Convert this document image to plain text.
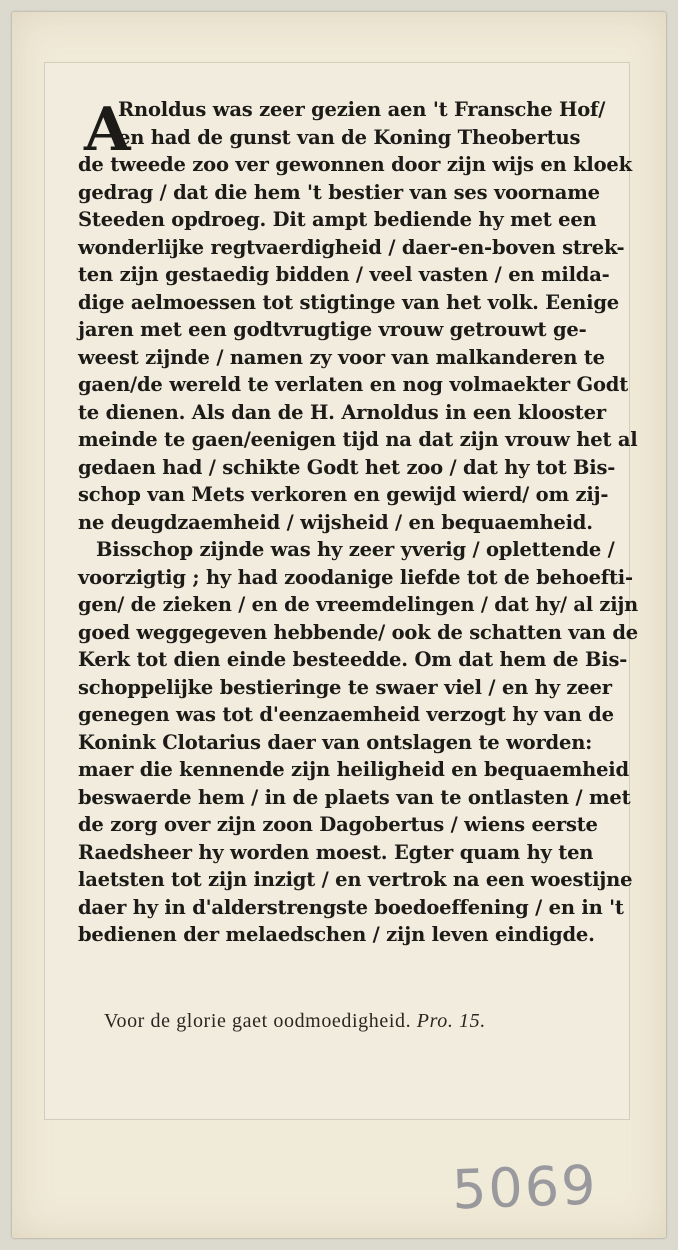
A
Rnoldus was zeer gezien aen 't Fransche Hof/
en had de gunst van de Koning Theobertus
de tweede zoo ver gewonnen door zijn wijs en kloek
gedrag / dat die hem 't bestier van ses voorname
Steeden opdroeg. Dit ampt bediende hy met een
wonderlijke regtvaerdigheid / daer-en-boven strek-
ten zijn gestaedig bidden / veel vasten / en milda-
dige aelmoessen tot stigtinge van het volk. Eenige
jaren met een godtvrugtige vrouw getrouwt ge-
weest zijnde / namen zy voor van malkanderen te
gaen/de wereld te verlaten en nog volmaekter Godt
te dienen. Als dan de H. Arnoldus in een klooster
meinde te gaen/eenigen tijd na dat zijn vrouw het al
gedaen had / schikte Godt het zoo / dat hy tot Bis-
schop van Mets verkoren en gewijd wierd/ om zij-
ne deugdzaemheid / wijsheid / en bequaemheid.
Bisschop zijnde was hy zeer yverig / oplettende /
voorzigtig ; hy had zoodanige liefde tot de behoefti-
gen/ de zieken / en de vreemdelingen / dat hy/ al zijn
goed weggegeven hebbende/ ook de schatten van de
Kerk tot dien einde besteedde. Om dat hem de Bis-
schoppelijke bestieringe te swaer viel / en hy zeer
genegen was tot d'eenzaemheid verzogt hy van de
Konink Clotarius daer van ontslagen te worden:
maer die kennende zijn heiligheid en bequaemheid
beswaerde hem / in de plaets van te ontlasten / met
de zorg over zijn zoon Dagobertus / wiens eerste
Raedsheer hy worden moest. Egter quam hy ten
laetsten tot zijn inzigt / en vertrok na een woestijne
daer hy in d'alderstrengste boedoeffening / en in 't
bedienen der melaedschen / zijn leven eindigde.
Voor de glorie gaet oodmoedigheid. Pro. 15.
5069
